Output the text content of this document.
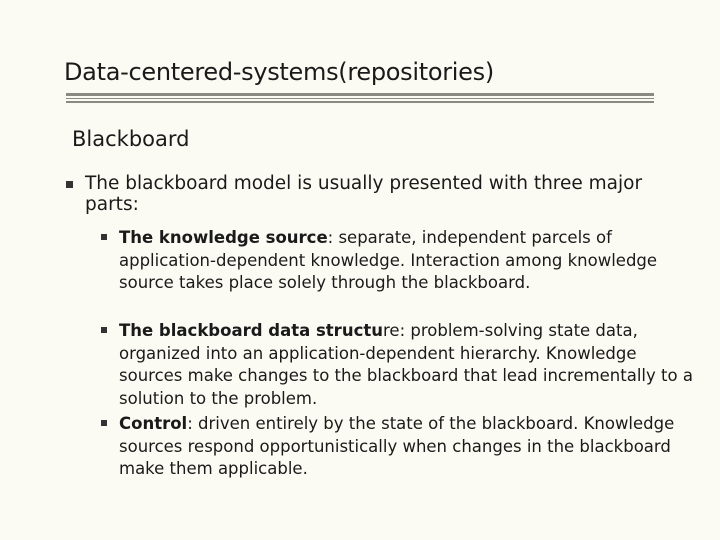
Data-centered-systems(repositories)
Blackboard
The blackboard model is usually presented with three major parts:
The knowledge source: separate, independent parcels of application-dependent knowledge. Interaction among knowledge source takes place solely through the blackboard.
The blackboard data structure: problem-solving state data, organized into an application-dependent hierarchy. Knowledge sources make changes to the blackboard that lead incrementally to a solution to the problem.
Control: driven entirely by the state of the blackboard. Knowledge sources respond opportunistically when changes in the blackboard make them applicable.
